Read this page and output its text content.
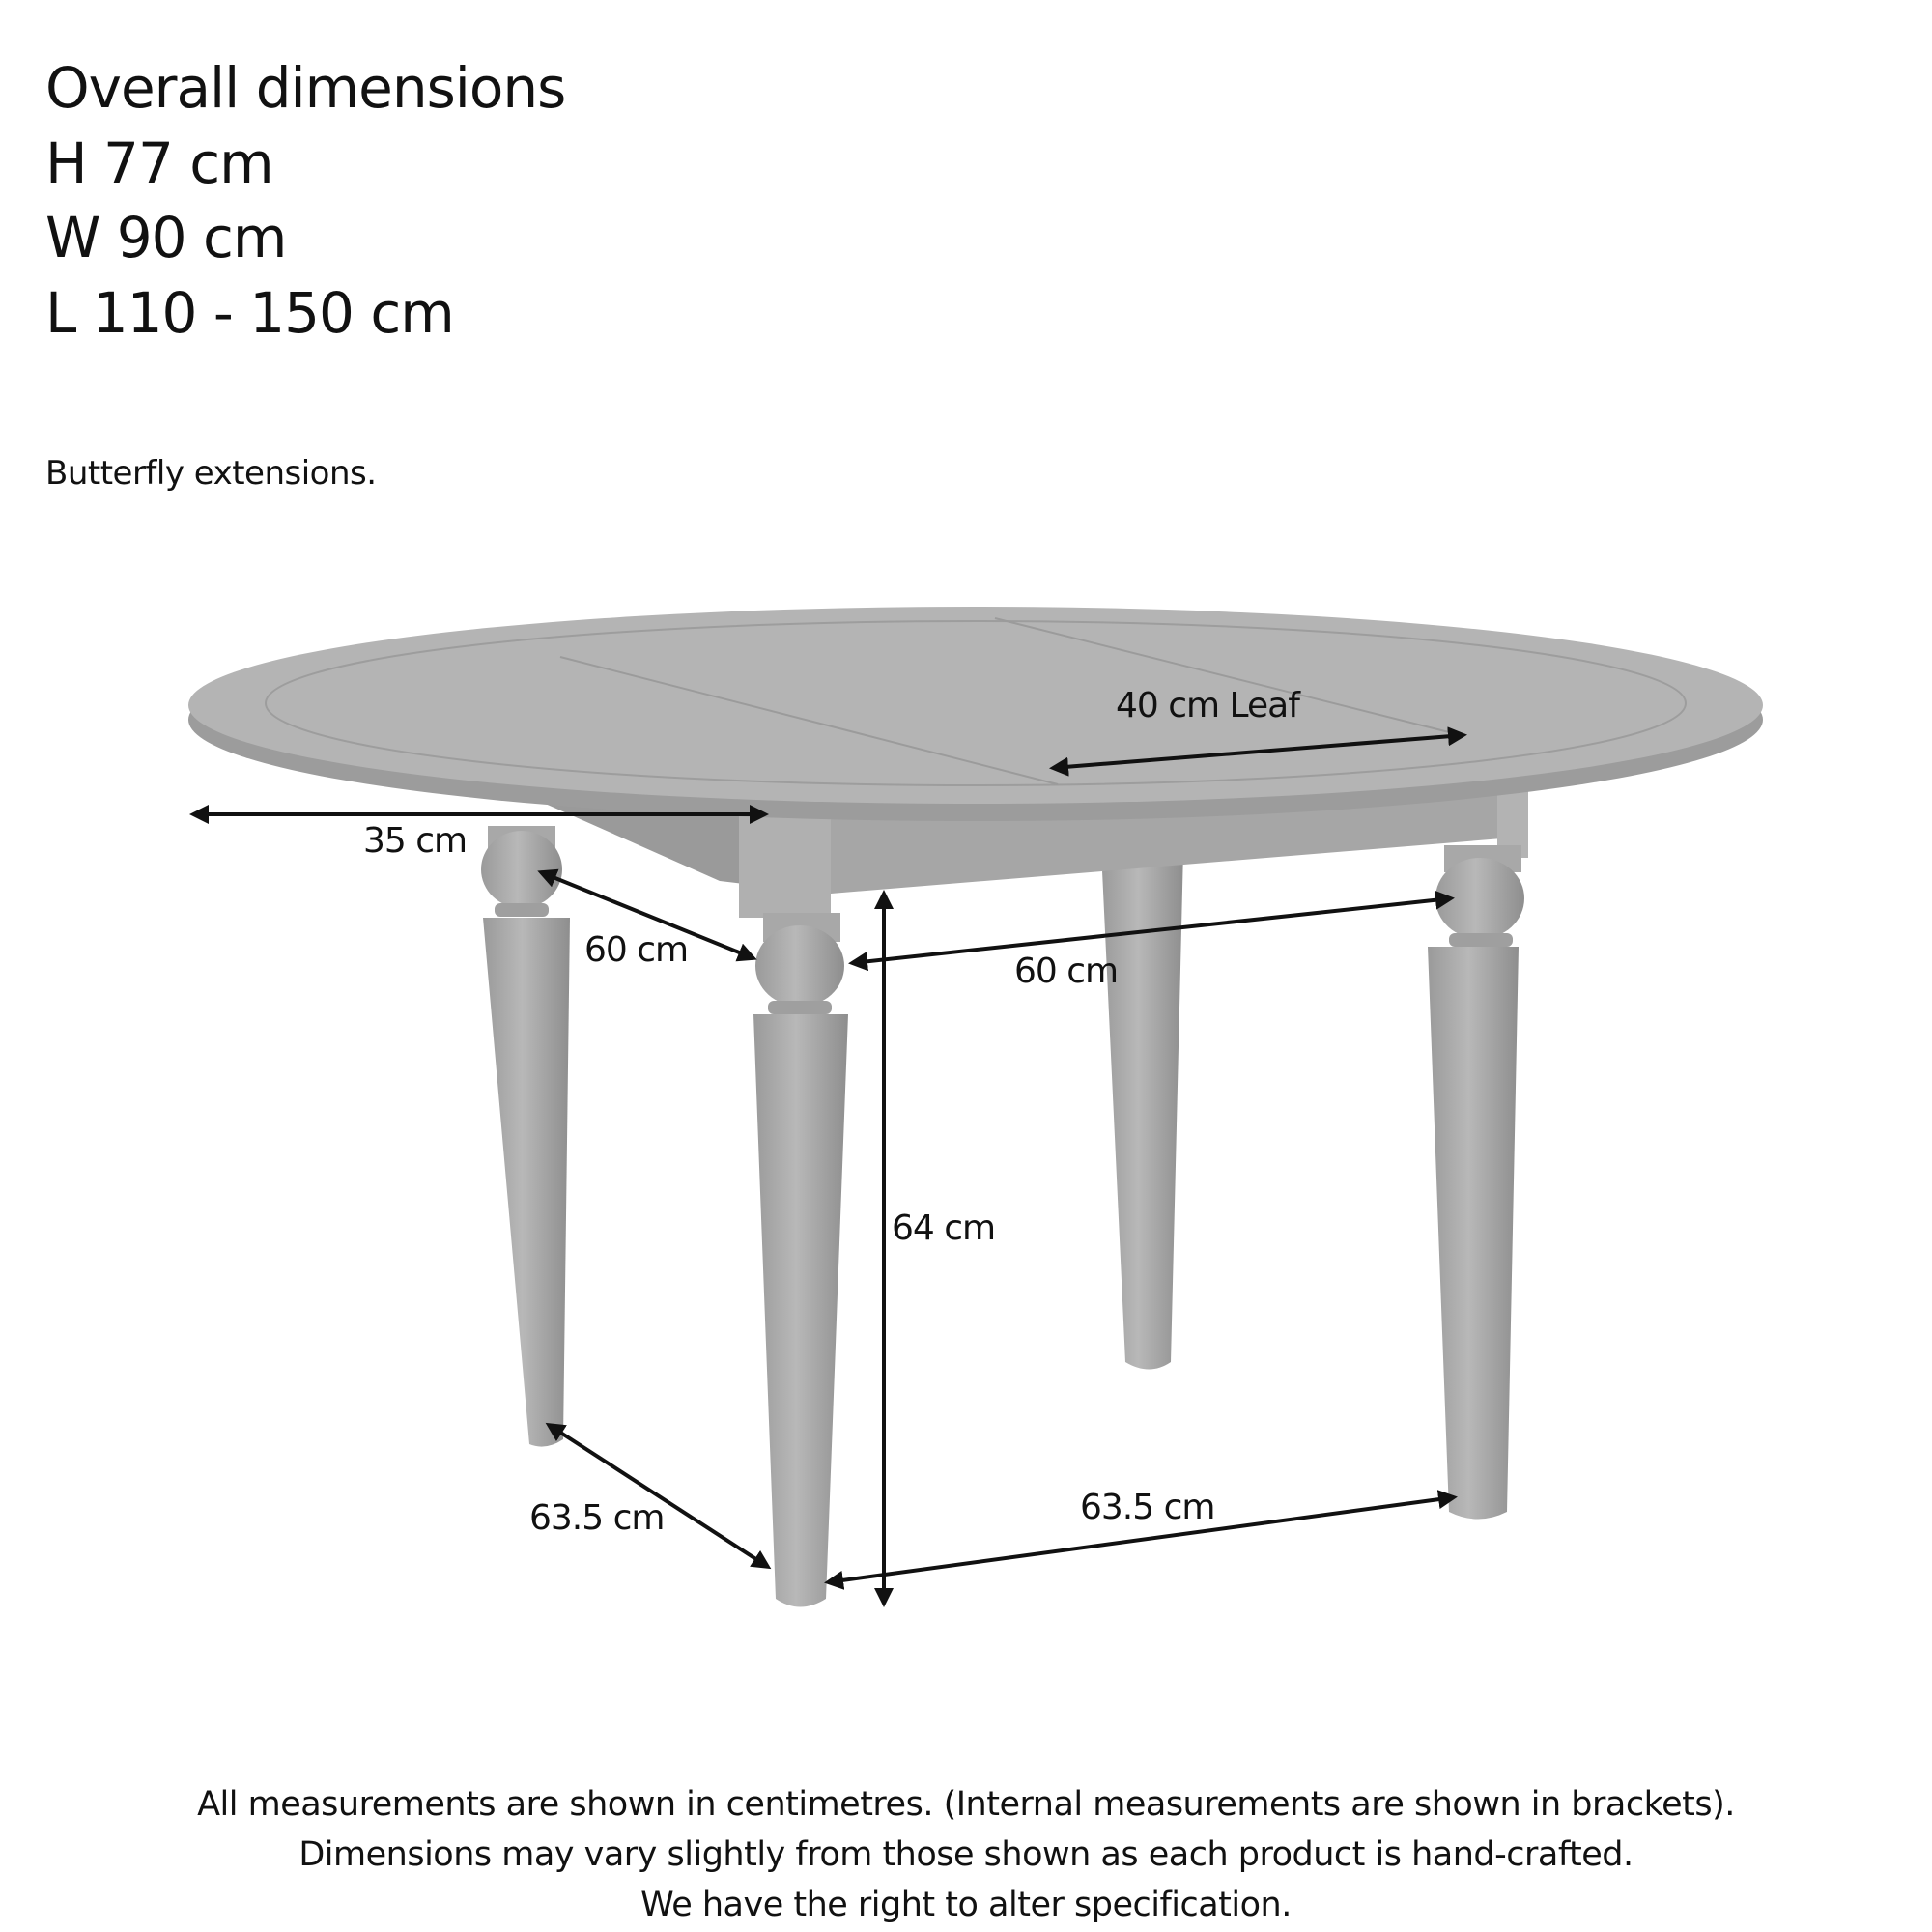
Overall dimensions
H 77 cm
W 90 cm
L 110 - 150 cm
Butterfly extensions.
40 cm Leaf
35 cm
60 cm
60 cm
64 cm
63.5 cm	63.5 cm
All measurements are shown in centimetres. (Internal measurements are shown in brackets).
Dimensions may vary slightly from those shown as each product is hand-crafted.
We have the right to alter specification.
